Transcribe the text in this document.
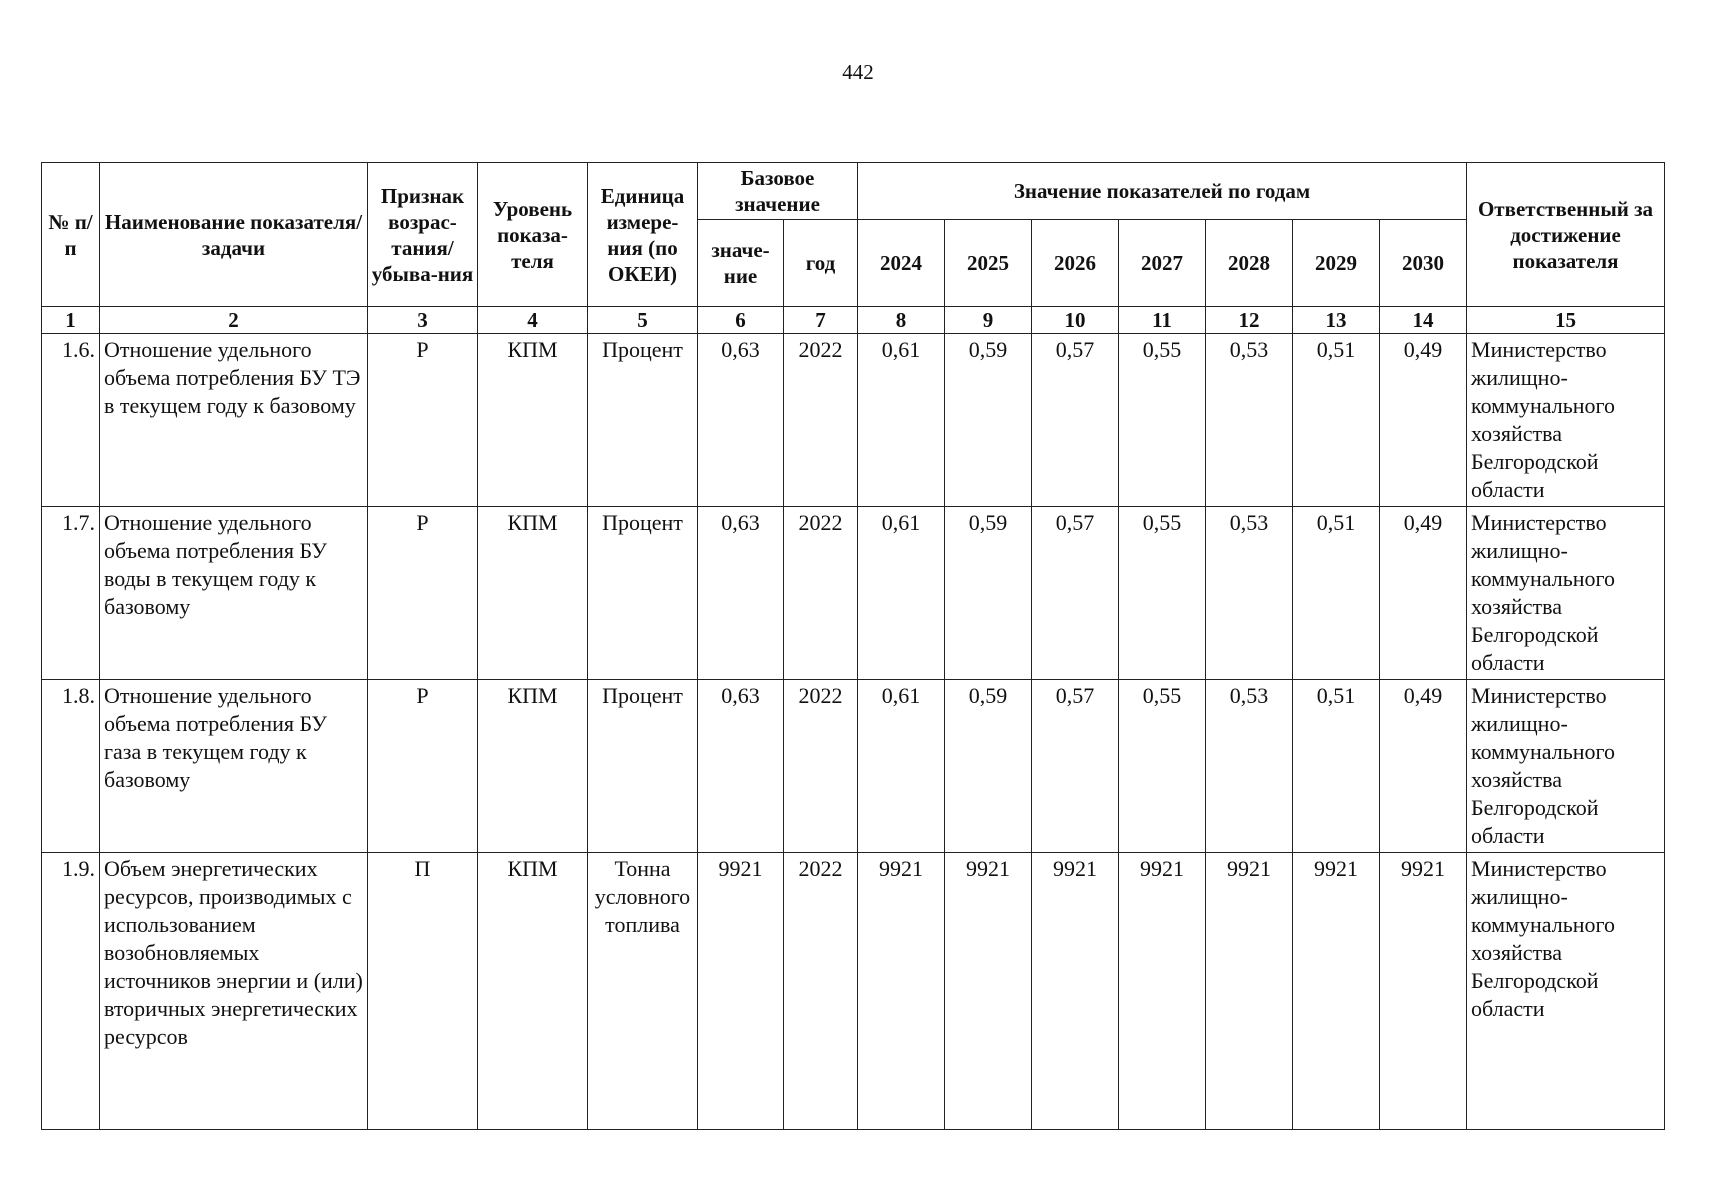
442
№ п/п	Наименование показателя/задачи	Признак возрас-тания/ убыва-ния	Уровень показа-теля	Единица измере-ния (по ОКЕИ)	Базовое значение		Значение показателей по годам							Ответственный за достижение показателя
					значе-ние	год	2024	2025	2026	2027	2028	2029	2030	
1	2	3	4	5	6	7	8	9	10	11	12	13	14	15
1.6.	Отношение удельного объема потребления БУ ТЭ в текущем году к базовому	Р	КПМ	Процент	0,63	2022	0,61	0,59	0,57	0,55	0,53	0,51	0,49	Министерство жилищно-коммунального хозяйства Белгородской области
1.7.	Отношение удельного объема потребления БУ воды в текущем году к базовому	Р	КПМ	Процент	0,63	2022	0,61	0,59	0,57	0,55	0,53	0,51	0,49	Министерство жилищно-коммунального хозяйства Белгородской области
1.8.	Отношение удельного объема потребления БУ газа в текущем году к базовому	Р	КПМ	Процент	0,63	2022	0,61	0,59	0,57	0,55	0,53	0,51	0,49	Министерство жилищно-коммунального хозяйства Белгородской области
1.9.	Объем энергетических ресурсов, производимых с использованием возобновляемых источников энергии и (или) вторичных энергетических ресурсов	П	КПМ	Тонна условного топлива	9921	2022	9921	9921	9921	9921	9921	9921	9921	Министерство жилищно-коммунального хозяйства Белгородской области
